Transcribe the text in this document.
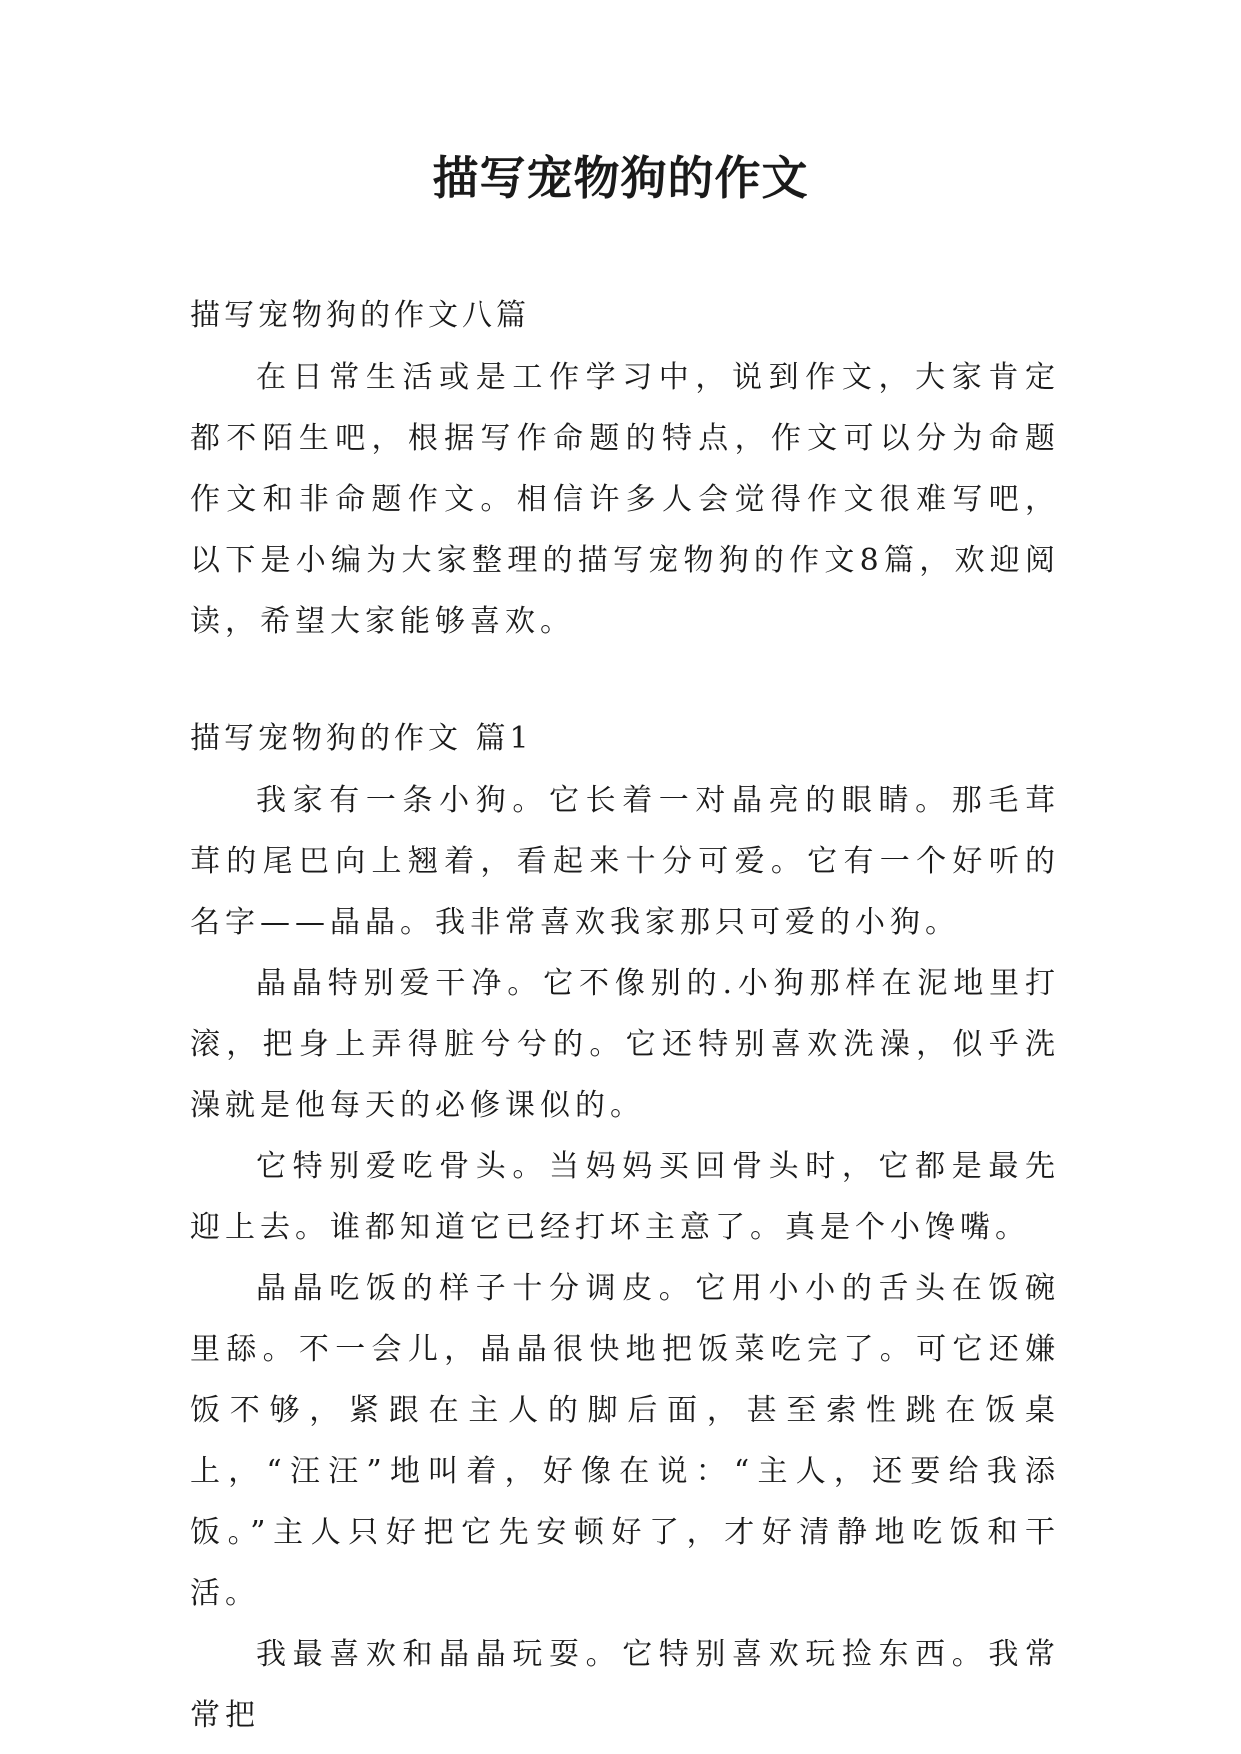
描写宠物狗的作文

描写宠物狗的作文八篇

在日常生活或是工作学习中，说到作文，大家肯定都不陌生吧，根据写作命题的特点，作文可以分为命题作文和非命题作文。相信许多人会觉得作文很难写吧，以下是小编为大家整理的描写宠物狗的作文8篇，欢迎阅读，希望大家能够喜欢。

描写宠物狗的作文 篇1

我家有一条小狗。它长着一对晶亮的眼睛。那毛茸茸的尾巴向上翘着，看起来十分可爱。它有一个好听的名字——晶晶。我非常喜欢我家那只可爱的小狗。

晶晶特别爱干净。它不像别的.小狗那样在泥地里打滚，把身上弄得脏兮兮的。它还特别喜欢洗澡，似乎洗澡就是他每天的必修课似的。

它特别爱吃骨头。当妈妈买回骨头时，它都是最先迎上去。谁都知道它已经打坏主意了。真是个小馋嘴。

晶晶吃饭的样子十分调皮。它用小小的舌头在饭碗里舔。不一会儿，晶晶很快地把饭菜吃完了。可它还嫌饭不够，紧跟在主人的脚后面，甚至索性跳在饭桌上，“汪汪”地叫着，好像在说：“主人，还要给我添饭。”主人只好把它先安顿好了，才好清静地吃饭和干活。

我最喜欢和晶晶玩耍。它特别喜欢玩捡东西。我常常把
